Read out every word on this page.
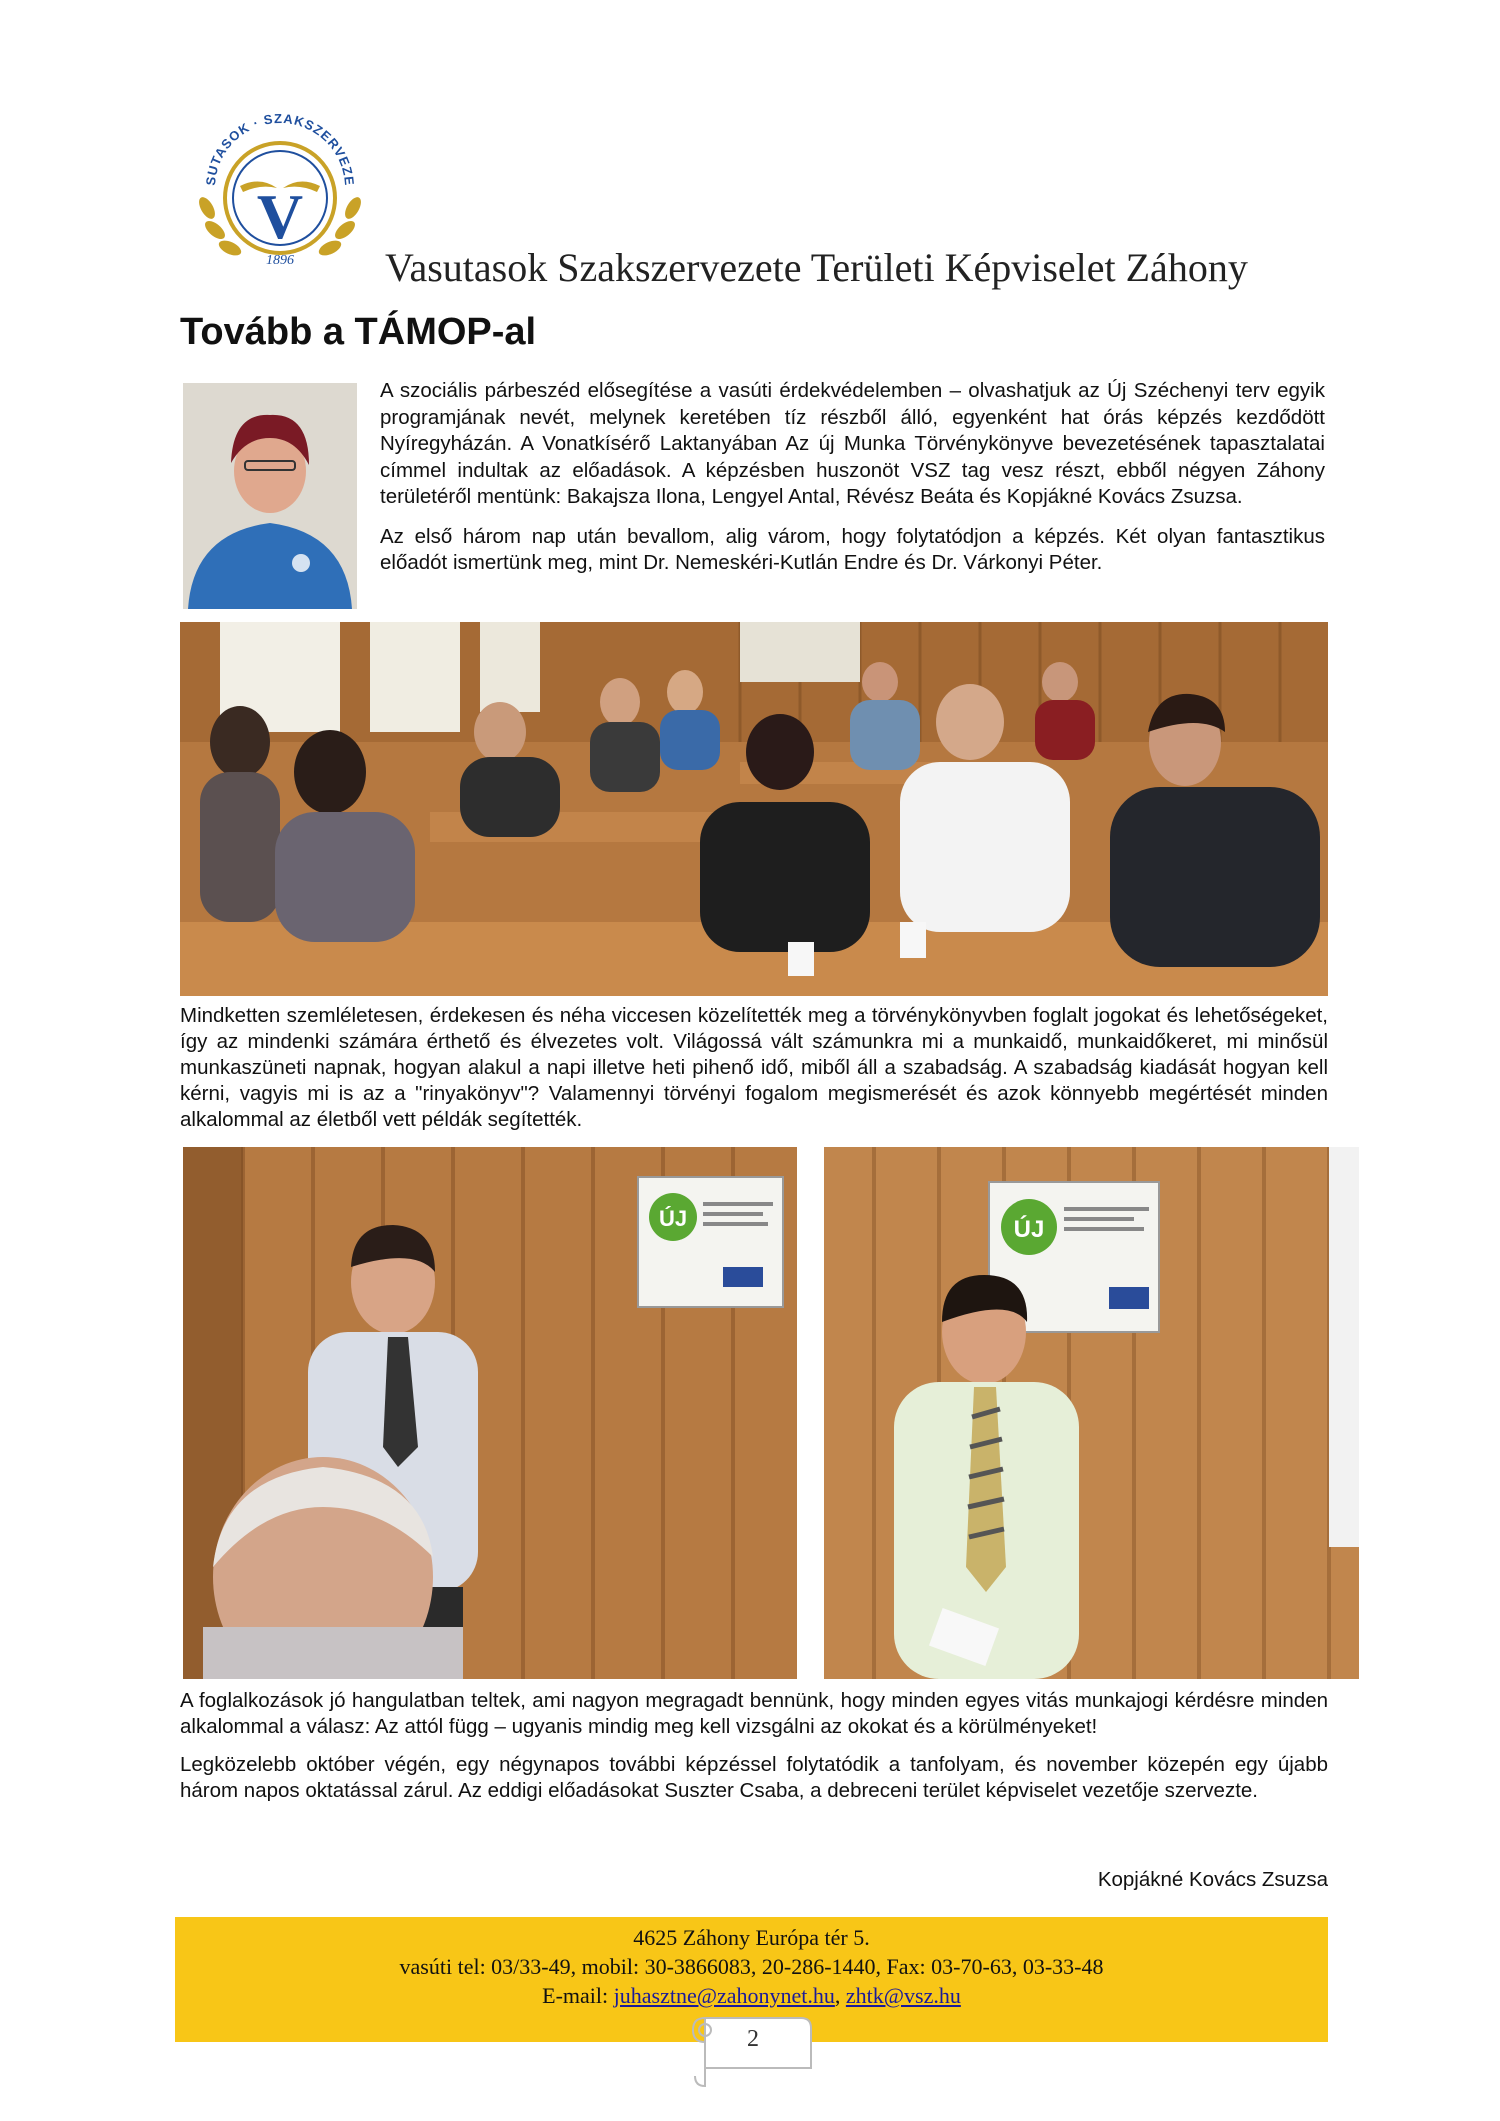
V
SUTASOK · SZAKSZERVEZE
1896 Vasutasok Szakszervezete Területi Képviselet Záhony
Tovább a TÁMOP-al

A szociális párbeszéd elősegítése a vasúti érdekvédelemben – olvashatjuk az Új Széchenyi terv egyik programjának nevét, melynek keretében tíz részből álló, egyenként hat órás képzés kezdődött Nyíregyházán. A Vonatkísérő Laktanyában Az új Munka Törvénykönyve bevezetésének tapasztalatai címmel indultak az előadások. A képzésben huszonöt VSZ tag vesz részt, ebből négyen Záhony területéről mentünk: Bakajsza Ilona, Lengyel Antal, Révész Beáta és Kopjákné Kovács Zsuzsa.

Az első három nap után bevallom, alig várom, hogy folytatódjon a képzés. Két olyan fantasztikus előadót ismertünk meg, mint Dr. Nemeskéri-Kutlán Endre és Dr. Várkonyi Péter.

Mindketten szemléletesen, érdekesen és néha viccesen közelítették meg a törvénykönyvben foglalt jogokat és lehetőségeket, így az mindenki számára érthető és élvezetes volt. Világossá vált számunkra mi a munkaidő, munkaidőkeret, mi minősül munkaszüneti napnak, hogyan alakul a napi illetve heti pihenő idő, miből áll a szabadság. A szabadság kiadását hogyan kell kérni, vagyis mi is az a "rinyakönyv"? Valamennyi törvényi fogalom megismerését és azok könnyebb megértését minden alkalommal az életből vett példák segítették.

ÚJ	ÚJ

A foglalkozások jó hangulatban teltek, ami nagyon megragadt bennünk, hogy minden egyes vitás munkajogi kérdésre minden alkalommal a válasz: Az attól függ – ugyanis mindig meg kell vizsgálni az okokat és a körülményeket!

Legközelebb október végén, egy négynapos további képzéssel folytatódik a tanfolyam, és november közepén egy újabb három napos oktatással zárul. Az eddigi előadásokat Suszter Csaba, a debreceni terület képviselet vezetője szervezte.

Kopjákné Kovács Zsuzsa
4625 Záhony Európa tér 5.
vasúti tel: 03/33-49, mobil: 30-3866083, 20-286-1440, Fax: 03-70-63, 03-33-48
E-mail: juhasztne@zahonynet.hu, zhtk@vsz.hu
2
